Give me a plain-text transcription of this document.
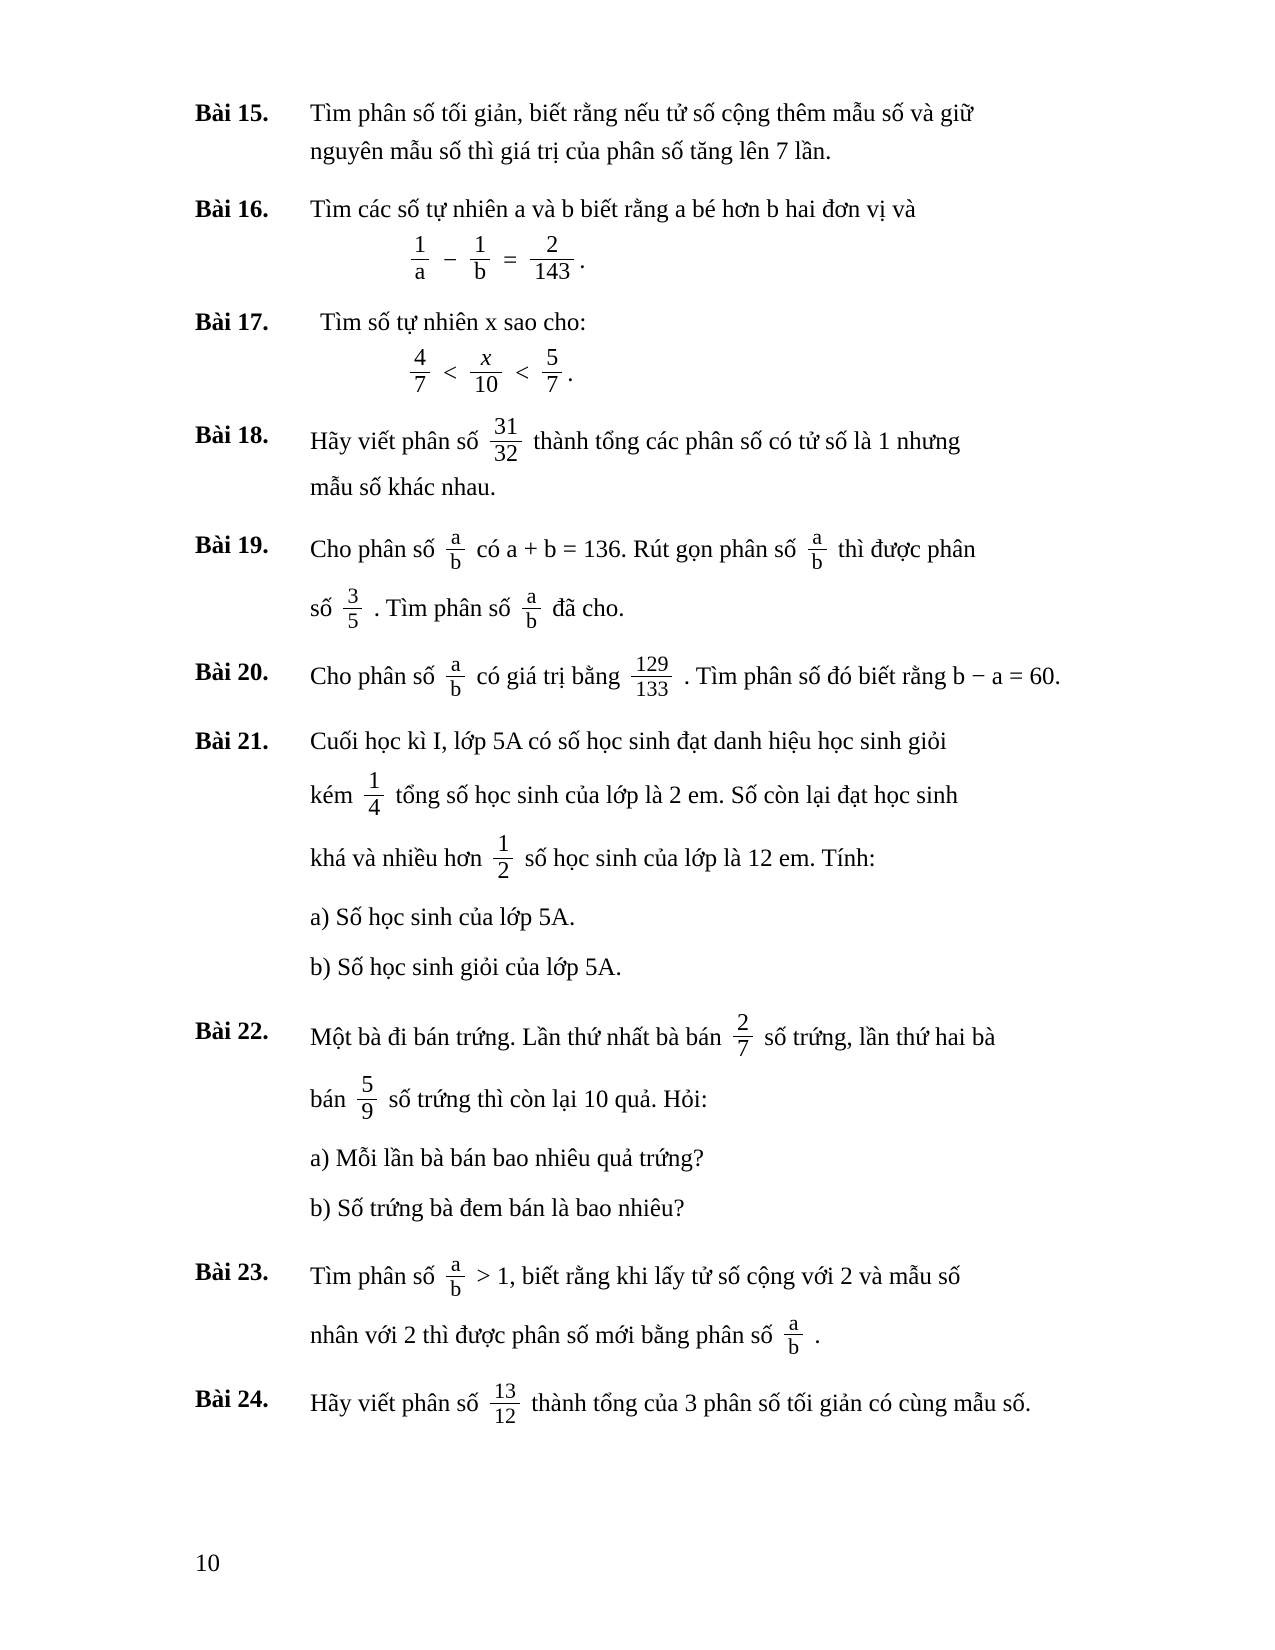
Bài 15.	Tìm phân số tối giản, biết rằng nếu tử số cộng thêm mẫu số và giữ
nguyên mẫu số thì giá trị của phân số tăng lên 7 lần.
Bài 16.	Tìm các số tự nhiên a và b biết rằng a bé hơn b hai đơn vị và
$\frac{1}{a} - \frac{1}{b} = \frac{2}{143}$ .
Bài 17.	Tìm số tự nhiên x sao cho:
$\frac{4}{7} < \frac{x}{10} < \frac{5}{7}$ .
Bài 18.	Hãy viết phân số $\frac{31}{32}$ thành tổng các phân số có tử số là 1 nhưng
mẫu số khác nhau.
Bài 19.	Cho phân số $\frac{a}{b}$ có a + b = 136. Rút gọn phân số $\frac{a}{b}$ thì được phân
số $\frac{3}{5}$ . Tìm phân số $\frac{a}{b}$ đã cho.
Bài 20.	Cho phân số $\frac{a}{b}$ có giá trị bằng $\frac{129}{133}$ . Tìm phân số đó biết rằng b − a = 60.
Bài 21.	Cuối học kì I, lớp 5A có số học sinh đạt danh hiệu học sinh giỏi
kém $\frac{1}{4}$ tổng số học sinh của lớp là 2 em. Số còn lại đạt học sinh
khá và nhiều hơn $\frac{1}{2}$ số học sinh của lớp là 12 em. Tính:
a) Số học sinh của lớp 5A.
b) Số học sinh giỏi của lớp 5A.
Bài 22.	Một bà đi bán trứng. Lần thứ nhất bà bán $\frac{2}{7}$ số trứng, lần thứ hai bà
bán $\frac{5}{9}$ số trứng thì còn lại 10 quả. Hỏi:
a) Mỗi lần bà bán bao nhiêu quả trứng?
b) Số trứng bà đem bán là bao nhiêu?
Bài 23.	Tìm phân số $\frac{a}{b} > 1$, biết rằng khi lấy tử số cộng với 2 và mẫu số
nhân với 2 thì được phân số mới bằng phân số $\frac{a}{b}$ .
Bài 24.	Hãy viết phân số $\frac{13}{12}$ thành tổng của 3 phân số tối giản có cùng mẫu số.
10
